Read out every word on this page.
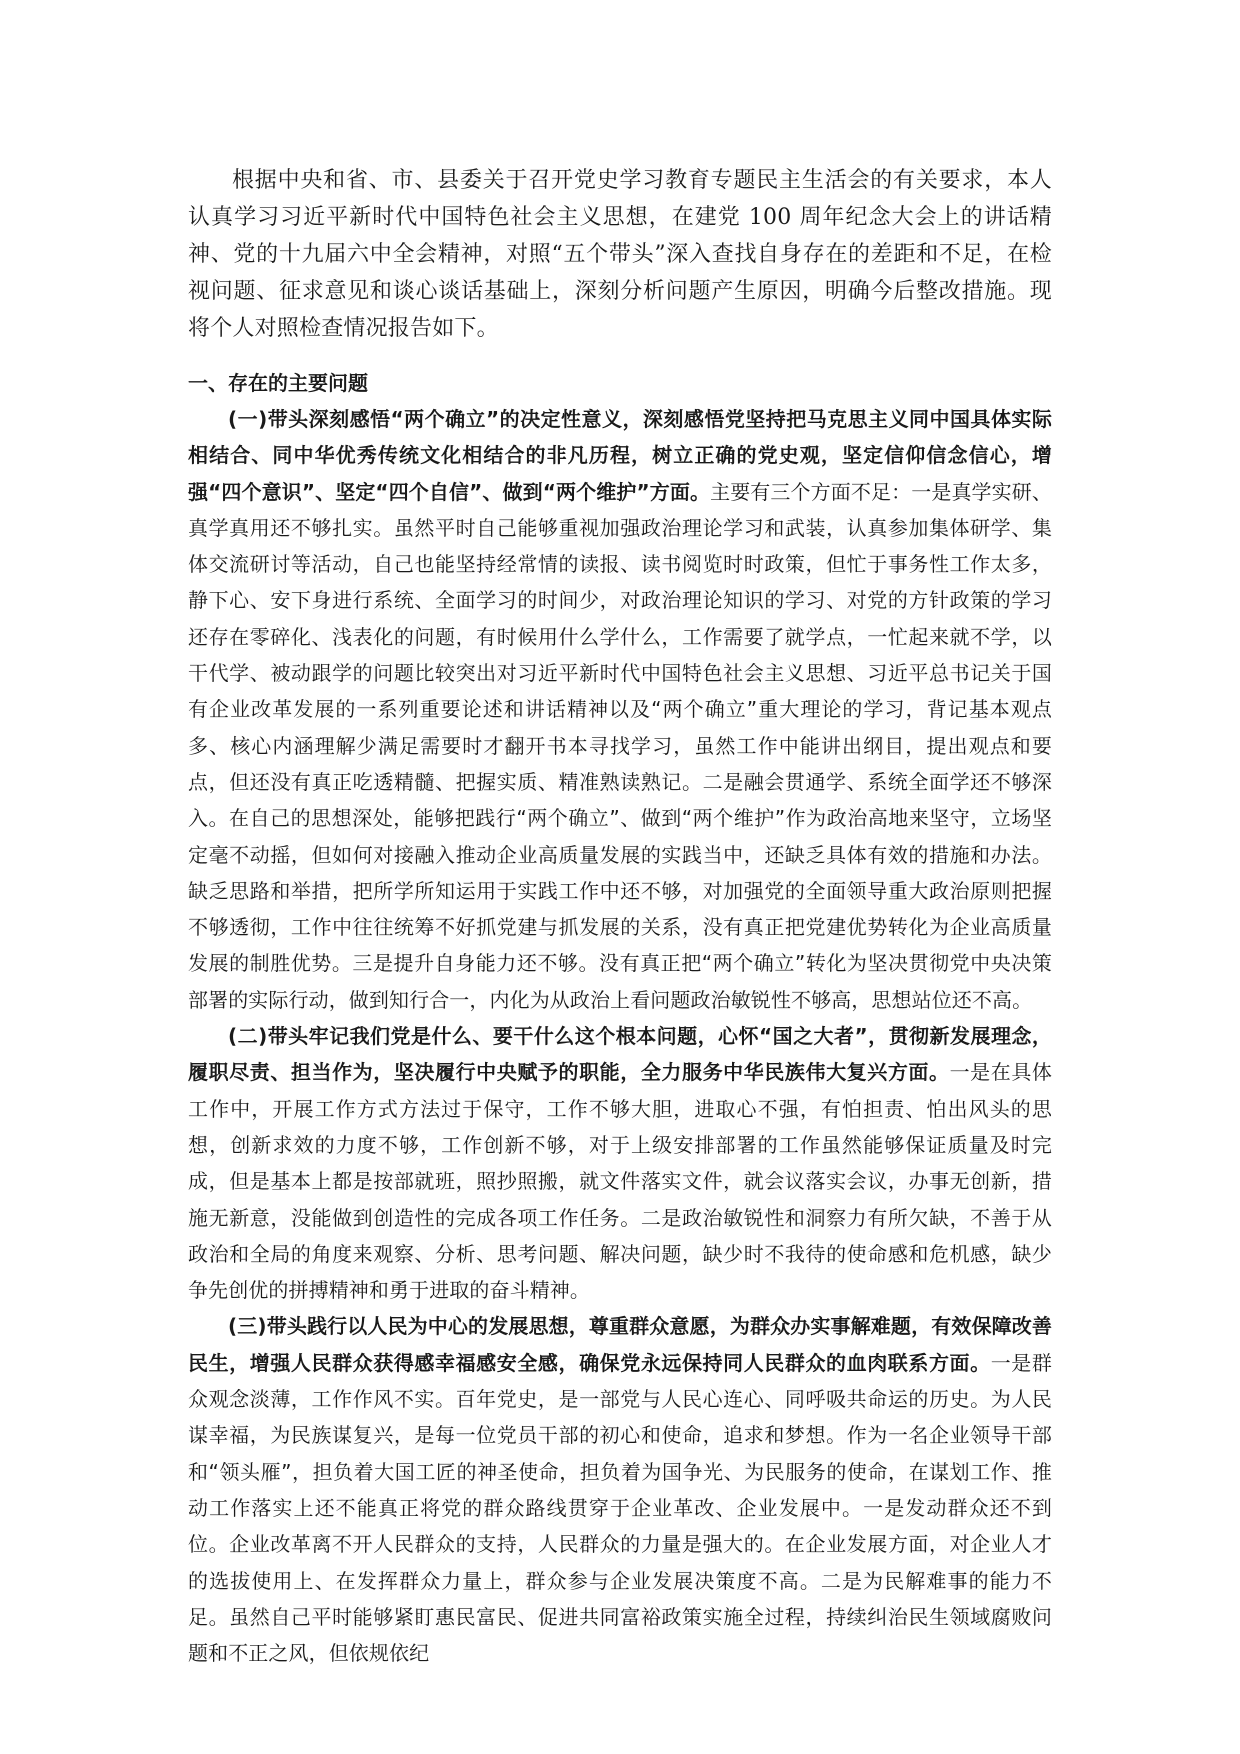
根据中央和省、市、县委关于召开党史学习教育专题民主生活会的有关要求，本人认真学习习近平新时代中国特色社会主义思想，在建党 100 周年纪念大会上的讲话精神、党的十九届六中全会精神，对照“五个带头”深入查找自身存在的差距和不足，在检视问题、征求意见和谈心谈话基础上，深刻分析问题产生原因，明确今后整改措施。现将个人对照检查情况报告如下。

一、存在的主要问题

(一)带头深刻感悟“两个确立”的决定性意义，深刻感悟党坚持把马克思主义同中国具体实际相结合、同中华优秀传统文化相结合的非凡历程，树立正确的党史观，坚定信仰信念信心，增强“四个意识”、坚定“四个自信”、做到“两个维护”方面。主要有三个方面不足：一是真学实研、真学真用还不够扎实。虽然平时自己能够重视加强政治理论学习和武装，认真参加集体研学、集体交流研讨等活动，自己也能坚持经常情的读报、读书阅览时时政策，但忙于事务性工作太多，静下心、安下身进行系统、全面学习的时间少，对政治理论知识的学习、对党的方针政策的学习还存在零碎化、浅表化的问题，有时候用什么学什么，工作需要了就学点，一忙起来就不学，以干代学、被动跟学的问题比较突出对习近平新时代中国特色社会主义思想、习近平总书记关于国有企业改革发展的一系列重要论述和讲话精神以及“两个确立”重大理论的学习，背记基本观点多、核心内涵理解少满足需要时才翻开书本寻找学习，虽然工作中能讲出纲目，提出观点和要点，但还没有真正吃透精髓、把握实质、精准熟读熟记。二是融会贯通学、系统全面学还不够深入。在自己的思想深处，能够把践行“两个确立”、做到“两个维护”作为政治高地来坚守，立场坚定毫不动摇，但如何对接融入推动企业高质量发展的实践当中，还缺乏具体有效的措施和办法。缺乏思路和举措，把所学所知运用于实践工作中还不够，对加强党的全面领导重大政治原则把握不够透彻，工作中往往统筹不好抓党建与抓发展的关系，没有真正把党建优势转化为企业高质量发展的制胜优势。三是提升自身能力还不够。没有真正把“两个确立”转化为坚决贯彻党中央决策部署的实际行动，做到知行合一，内化为从政治上看问题政治敏锐性不够高，思想站位还不高。

(二)带头牢记我们党是什么、要干什么这个根本问题，心怀“国之大者”，贯彻新发展理念，履职尽责、担当作为，坚决履行中央赋予的职能，全力服务中华民族伟大复兴方面。一是在具体工作中，开展工作方式方法过于保守，工作不够大胆，进取心不强，有怕担责、怕出风头的思想，创新求效的力度不够，工作创新不够，对于上级安排部署的工作虽然能够保证质量及时完成，但是基本上都是按部就班，照抄照搬，就文件落实文件，就会议落实会议，办事无创新，措施无新意，没能做到创造性的完成各项工作任务。二是政治敏锐性和洞察力有所欠缺，不善于从政治和全局的角度来观察、分析、思考问题、解决问题，缺少时不我待的使命感和危机感，缺少争先创优的拼搏精神和勇于进取的奋斗精神。

(三)带头践行以人民为中心的发展思想，尊重群众意愿，为群众办实事解难题，有效保障改善民生，增强人民群众获得感幸福感安全感，确保党永远保持同人民群众的血肉联系方面。一是群众观念淡薄，工作作风不实。百年党史，是一部党与人民心连心、同呼吸共命运的历史。为人民谋幸福，为民族谋复兴，是每一位党员干部的初心和使命，追求和梦想。作为一名企业领导干部和“领头雁”，担负着大国工匠的神圣使命，担负着为国争光、为民服务的使命，在谋划工作、推动工作落实上还不能真正将党的群众路线贯穿于企业革改、企业发展中。一是发动群众还不到位。企业改革离不开人民群众的支持，人民群众的力量是强大的。在企业发展方面，对企业人才的选拔使用上、在发挥群众力量上，群众参与企业发展决策度不高。二是为民解难事的能力不足。虽然自己平时能够紧盯惠民富民、促进共同富裕政策实施全过程，持续纠治民生领域腐败问题和不正之风，但依规依纪
